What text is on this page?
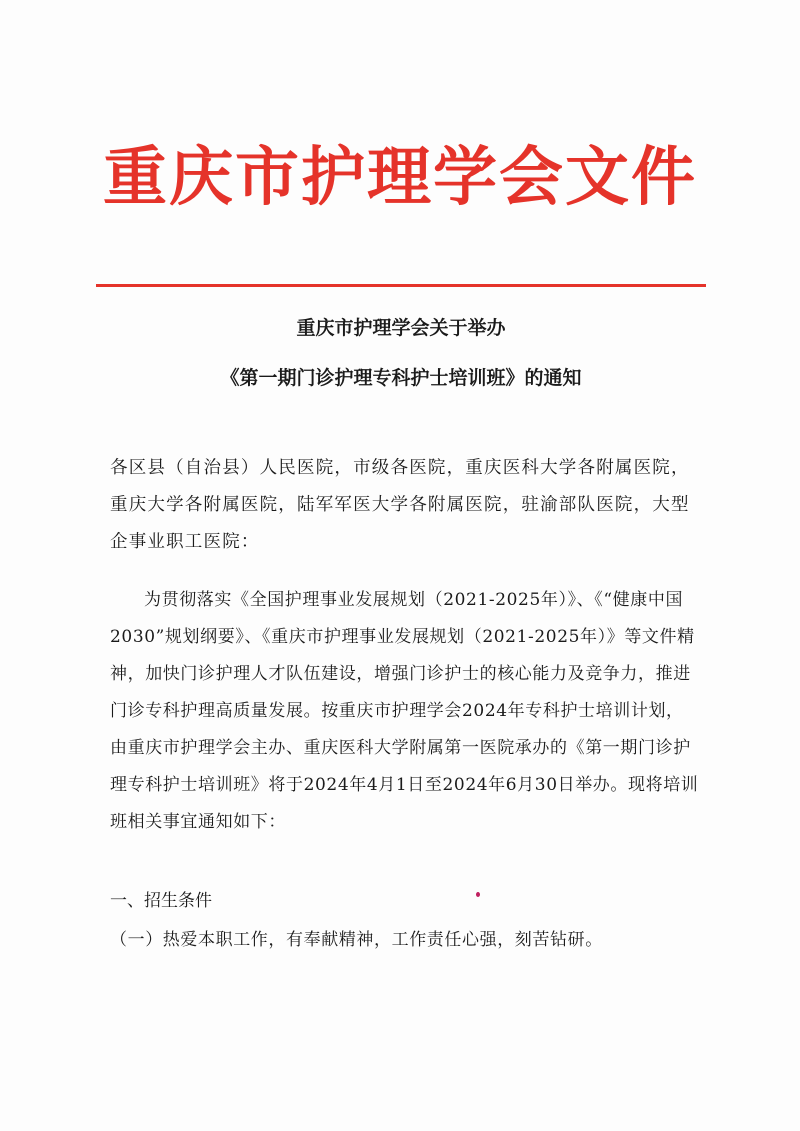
重庆市护理学会文件
重庆市护理学会关于举办
《第一期门诊护理专科护士培训班》的通知
各区县（自治县）人民医院，市级各医院，重庆医科大学各附属医院，重庆大学各附属医院，陆军军医大学各附属医院，驻渝部队医院，大型企事业职工医院：
为贯彻落实《全国护理事业发展规划（2021-2025年）》、《“健康中国2030”规划纲要》、《重庆市护理事业发展规划（2021-2025年）》等文件精神，加快门诊护理人才队伍建设，增强门诊护士的核心能力及竞争力，推进门诊专科护理高质量发展。按重庆市护理学会2024年专科护士培训计划，由重庆市护理学会主办、重庆医科大学附属第一医院承办的《第一期门诊护理专科护士培训班》将于2024年4月1日至2024年6月30日举办。现将培训班相关事宜通知如下：
一、招生条件
（一）热爱本职工作，有奉献精神，工作责任心强，刻苦钻研。
